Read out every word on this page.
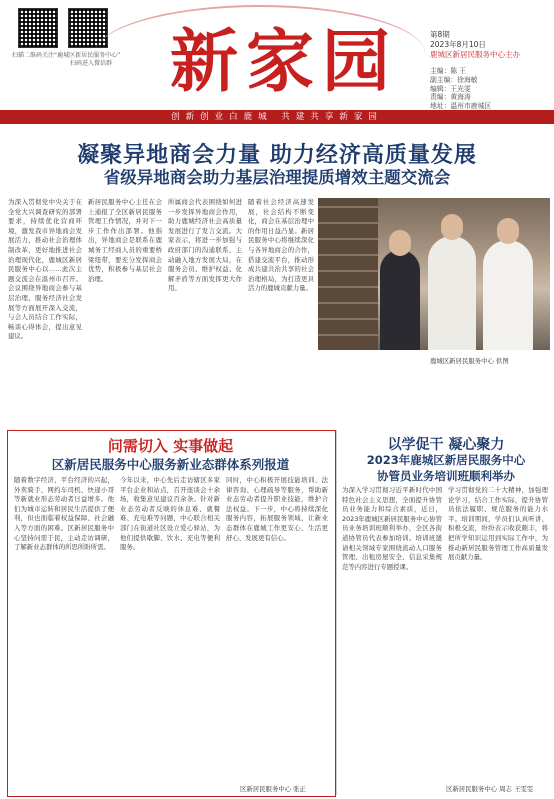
扫描二维码关注“鹿城区新居民服务中心”
扫码进入微信群 新家园	第8期
2023年8月10日
鹿城区新居民服务中心主办
主编：陈 王
副主编：徐海敏
编辑：王光雯
责编：黄海涛
地址：温州市鹿城区
创新创业白鹿城 共建共享新家园
凝聚异地商会力量 助力经济高质量发展
省级异地商会助力基层治理提质增效主题交流会
为深入贯彻党中央关于在全党大兴调查研究的部署要求，持续优化营商环境，激发我市异地商会发展活力，推动社会治理体制改革，更好地推进社会治理现代化，鹿城区新居民服务中心以……此次主题交流会在温州市召开。会议围绕异地商会参与基层治理、服务经济社会发展等方面展开深入交流，与会人员结合工作实际，畅谈心得体会，提出意见建议。
新居民服务中心主任在会上通报了全区新居民服务管理工作情况，并对下一步工作作出部署。他指出，异地商会是联系在鹿城务工经商人员的重要桥梁纽带，要充分发挥商会优势，积极参与基层社会治理。
所属商会代表围绕如何进一步发挥异地商会作用，助力鹿城经济社会高质量发展进行了发言交流。大家表示，将进一步加强与政府部门的沟通联系，主动融入地方发展大局，在服务会员、维护权益、化解矛盾等方面发挥更大作用。
随着社会经济高速发展，社会结构不断变化，商会在基层治理中的作用日益凸显。新居民服务中心将继续深化与各异地商会的合作，搭建交流平台，推动形成共建共治共享的社会治理格局，为打造更具活力的鹿城贡献力量。
鹿城区新居民服务中心 供图
问需切入 实事做起
区新居民服务中心服务新业态群体系列报道
随着数字经济、平台经济的兴起，外卖骑手、网约车司机、快递小哥等新就业形态劳动者日益增多。他们为城市运转和居民生活提供了便利，但也面临着权益保障、社会融入等方面的困难。区新居民服务中心坚持问需于民，主动走访调研，了解新业态群体的所思所盼所需。
今年以来，中心先后走访辖区多家平台企业和站点，召开座谈会十余场，收集意见建议百余条。针对新业态劳动者反映的休息难、就餐难、充电难等问题，中心联合相关部门在街道社区设立爱心驿站，为他们提供歇脚、饮水、充电等便利服务。
同时，中心积极开展技能培训、法律咨询、心理疏导等服务，帮助新业态劳动者提升职业技能，维护合法权益。下一步，中心将持续深化服务内容，拓展服务领域，让新业态群体在鹿城工作更安心、生活更舒心、发展更有信心。
区新居民服务中心 张正
以学促干 凝心聚力
2023年鹿城区新居民服务中心
协管员业务培训班顺利举办
为深入学习贯彻习近平新时代中国特色社会主义思想，全面提升协管员业务能力和综合素质，近日，2023年鹿城区新居民服务中心协管员业务培训班顺利举办，全区各街道协管员代表参加培训。培训班邀请相关领域专家围绕流动人口服务管理、出租房屋安全、信息采集规范等内容进行专题授课。
学习贯彻党的二十大精神，加强理论学习，结合工作实际，提升协管员依法履职、规范服务的能力水平。培训期间，学员们认真听讲、积极交流，纷纷表示收获颇丰，将把所学知识运用到实际工作中，为推动新居民服务管理工作高质量发展贡献力量。
区新居民服务中心 周志 王雯雯
